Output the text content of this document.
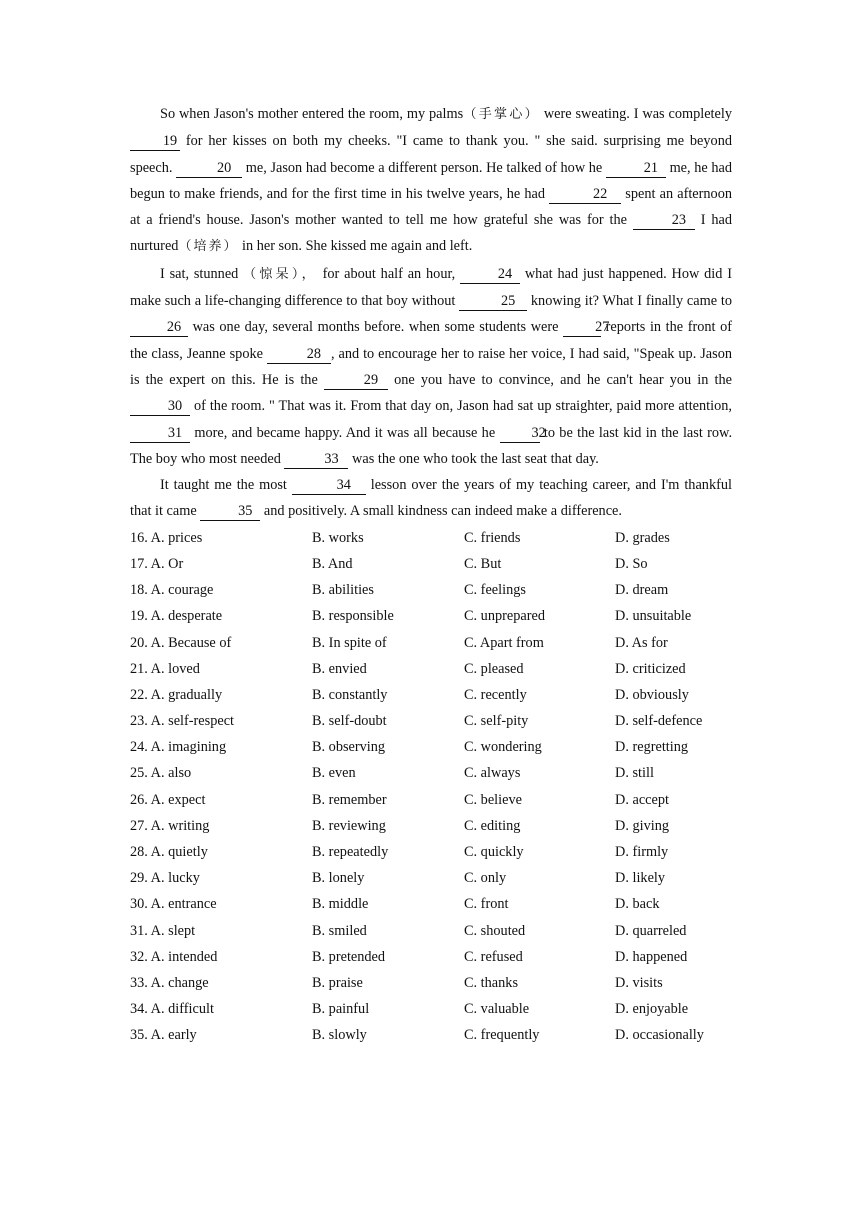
So when Jason's mother entered the room, my palms（手掌心） were sweating. I was completely 19 for her kisses on both my cheeks. "I came to thank you. " she said. surprising me beyond speech.	20 me, Jason had become a different person. He talked of how he	21 me, he had begun to make friends, and for the first time in his twelve years, he had	22 spent an afternoon at a friend's house. Jason's mother wanted to tell me how grateful she was for the	23 I had nurtured（培养） in her son. She kissed me again and left.

I sat, stunned （惊呆）， for about half an hour,	24 what had just happened. How did I make such a life-changing difference to that boy without	25 knowing it? What I finally came to 26 was one day, several months before. when some students were	27 reports in the front of the class, Jeanne spoke	28 , and to encourage her to raise her voice, I had said, "Speak up. Jason is the expert on this. He is the	29 one you have to convince, and he can't hear you in the 30 of the room. " That was it. From that day on, Jason had sat up straighter, paid more attention, 31 more, and became happy. And it was all because he	32 to be the last kid in the last row. The boy who most needed	33 was the one who took the last seat that day.

It taught me the most	34 lesson over the years of my teaching career, and I'm thankful that it came	35 and positively. A small kindness can indeed make a difference.

16. A. prices	B. works	C. friends	D. grades
17. A. Or	B. And	C. But	D. So
18. A. courage	B. abilities	C. feelings	D. dream
19. A. desperate	B. responsible	C. unprepared	D. unsuitable
20. A. Because of	B. In spite of	C. Apart from	D. As for
21. A. loved	B. envied	C. pleased	D. criticized
22. A. gradually	B. constantly	C. recently	D. obviously
23. A. self-respect	B. self-doubt	C. self-pity	D. self-defence
24. A. imagining	B. observing	C. wondering	D. regretting
25. A. also	B. even	C. always	D. still
26. A. expect	B. remember	C. believe	D. accept
27. A. writing	B. reviewing	C. editing	D. giving
28. A. quietly	B. repeatedly	C. quickly	D. firmly
29. A. lucky	B. lonely	C. only	D. likely
30. A. entrance	B. middle	C. front	D. back
31. A. slept	B. smiled	C. shouted	D. quarreled
32. A. intended	B. pretended	C. refused	D. happened
33. A. change	B. praise	C. thanks	D. visits
34. A. difficult	B. painful	C. valuable	D. enjoyable
35. A. early	B. slowly	C. frequently	D. occasionally
